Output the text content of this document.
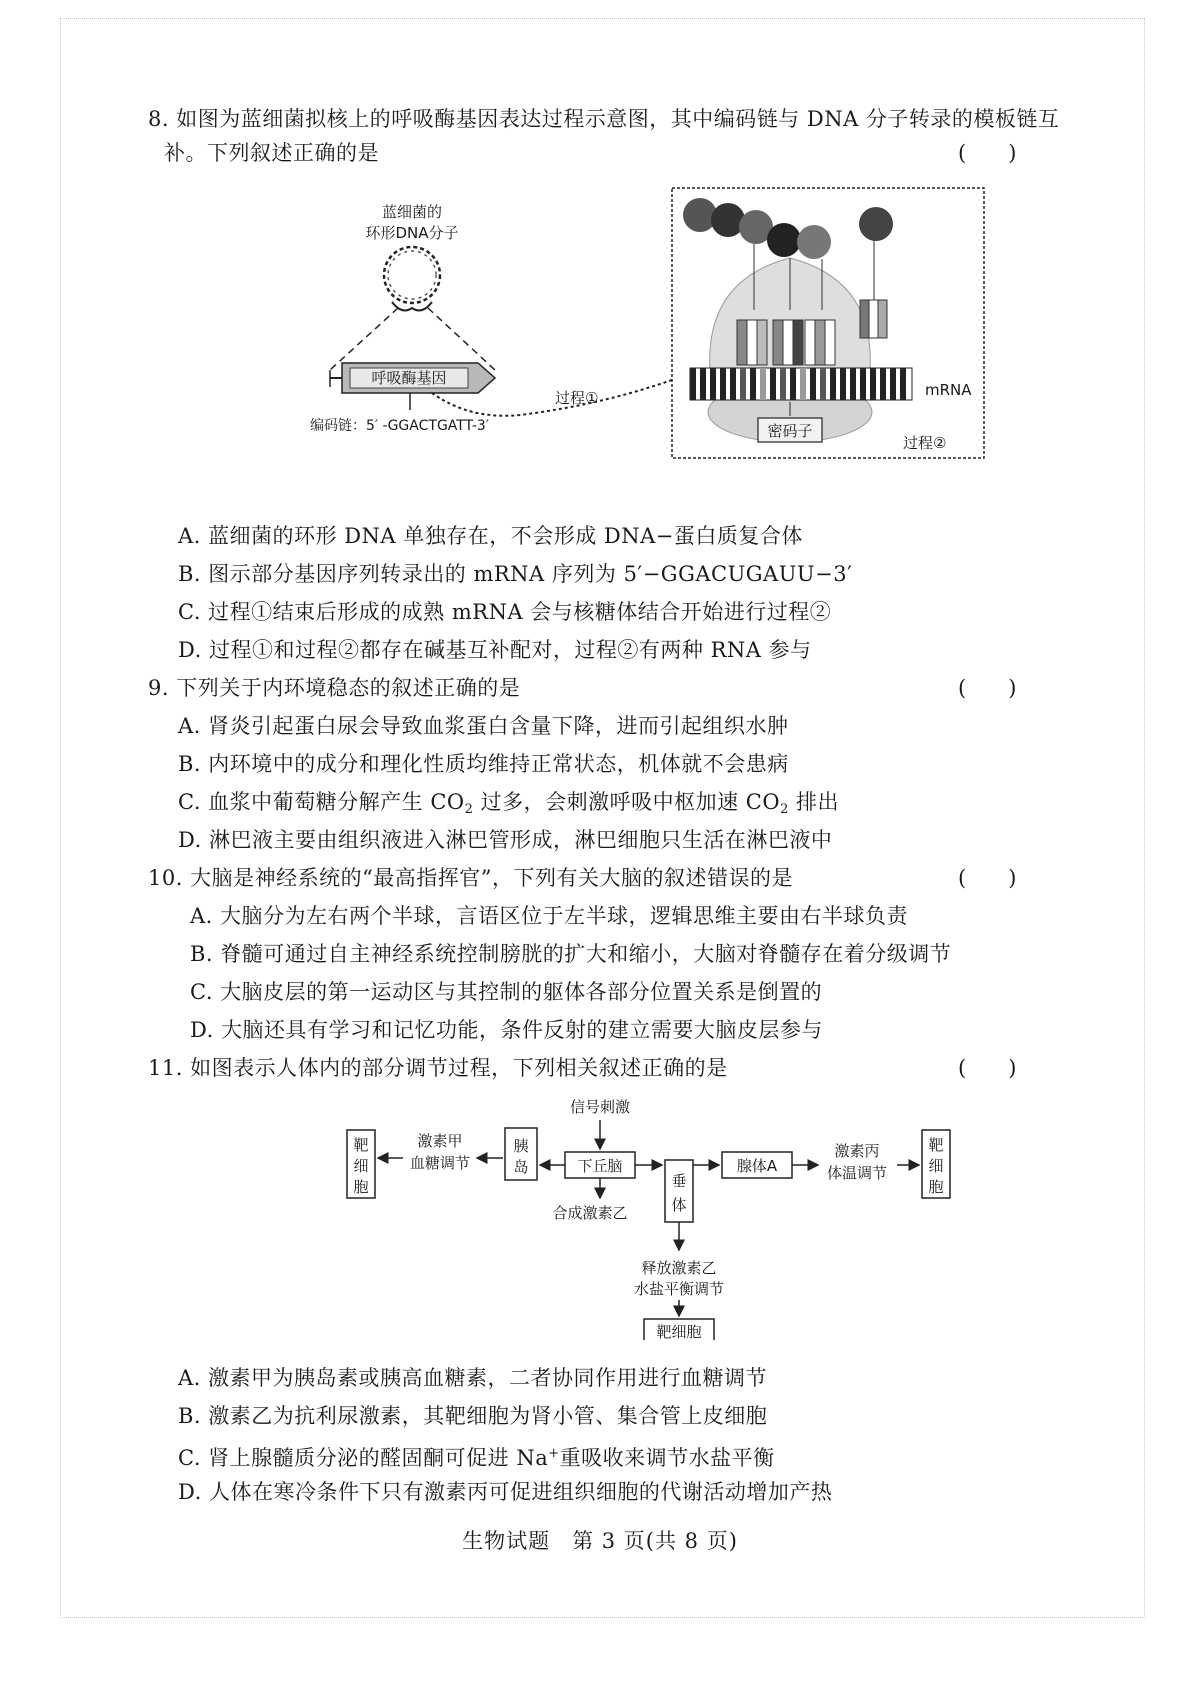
8. 如图为蓝细菌拟核上的呼吸酶基因表达过程示意图，其中编码链与 DNA 分子转录的模板链互
补。下列叙述正确的是	(　　)
蓝细菌的
环形DNA分子
呼吸酶基因
编码链：5′ -GGACTGATT-3′
过程①	mRNA
密码子
过程②
A. 蓝细菌的环形 DNA 单独存在，不会形成 DNA−蛋白质复合体
B. 图示部分基因序列转录出的 mRNA 序列为 5′−GGACUGAUU−3′
C. 过程①结束后形成的成熟 mRNA 会与核糖体结合开始进行过程②
D. 过程①和过程②都存在碱基互补配对，过程②有两种 RNA 参与
9. 下列关于内环境稳态的叙述正确的是	(　　)
A. 肾炎引起蛋白尿会导致血浆蛋白含量下降，进而引起组织水肿
B. 内环境中的成分和理化性质均维持正常状态，机体就不会患病
C. 血浆中葡萄糖分解产生 $CO_2$ 过多，会刺激呼吸中枢加速 $CO_2$ 排出
D. 淋巴液主要由组织液进入淋巴管形成，淋巴细胞只生活在淋巴液中
10. 大脑是神经系统的“最高指挥官”，下列有关大脑的叙述错误的是	(　　)
A. 大脑分为左右两个半球，言语区位于左半球，逻辑思维主要由右半球负责
B. 脊髓可通过自主神经系统控制膀胱的扩大和缩小，大脑对脊髓存在着分级调节
C. 大脑皮层的第一运动区与其控制的躯体各部分位置关系是倒置的
D. 大脑还具有学习和记忆功能，条件反射的建立需要大脑皮层参与
11. 如图表示人体内的部分调节过程，下列相关叙述正确的是	(　　)
信号刺激
下丘脑
胰
岛
垂
体
腺体A
靶
细
胞
靶
细
胞
靶细胞
激素甲
血糖调节
激素丙
体温调节
合成激素乙
释放激素乙
水盐平衡调节
A. 激素甲为胰岛素或胰高血糖素，二者协同作用进行血糖调节
B. 激素乙为抗利尿激素，其靶细胞为肾小管、集合管上皮细胞
C. 肾上腺髓质分泌的醛固酮可促进 Na+重吸收来调节水盐平衡
D. 人体在寒冷条件下只有激素丙可促进组织细胞的代谢活动增加产热
生物试题　第 3 页(共 8 页)
